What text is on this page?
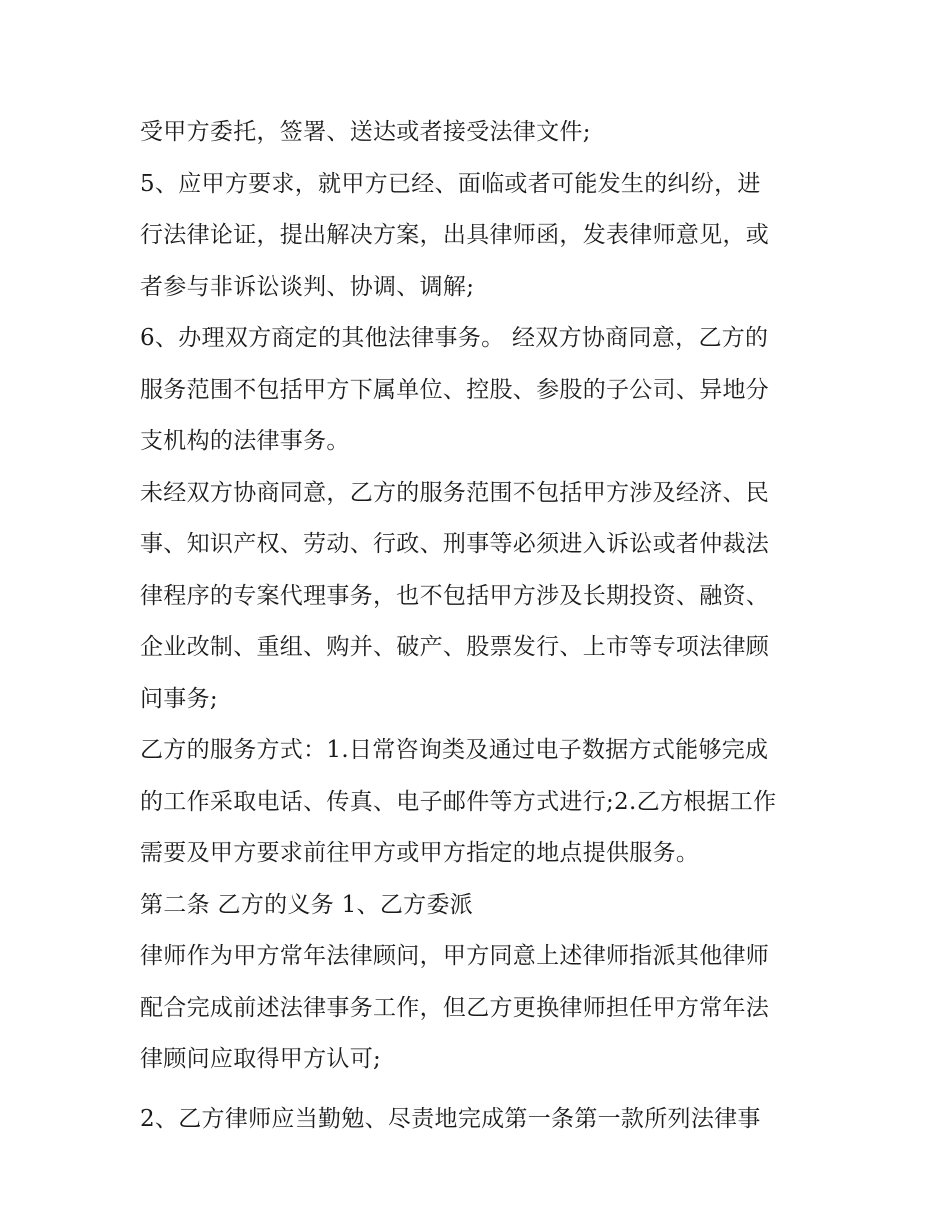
受甲方委托，签署、送达或者接受法律文件;
5、应甲方要求，就甲方已经、面临或者可能发生的纠纷，进
行法律论证，提出解决方案，出具律师函，发表律师意见，或
者参与非诉讼谈判、协调、调解;
6、办理双方商定的其他法律事务。 经双方协商同意，乙方的
服务范围不包括甲方下属单位、控股、参股的子公司、异地分
支机构的法律事务。
未经双方协商同意，乙方的服务范围不包括甲方涉及经济、民
事、知识产权、劳动、行政、刑事等必须进入诉讼或者仲裁法
律程序的专案代理事务，也不包括甲方涉及长期投资、融资、
企业改制、重组、购并、破产、股票发行、上市等专项法律顾
问事务;
乙方的服务方式：1.日常咨询类及通过电子数据方式能够完成
的工作采取电话、传真、电子邮件等方式进行;2.乙方根据工作
需要及甲方要求前往甲方或甲方指定的地点提供服务。
第二条 乙方的义务 1、乙方委派
律师作为甲方常年法律顾问，甲方同意上述律师指派其他律师
配合完成前述法律事务工作，但乙方更换律师担任甲方常年法
律顾问应取得甲方认可;
2、乙方律师应当勤勉、尽责地完成第一条第一款所列法律事
